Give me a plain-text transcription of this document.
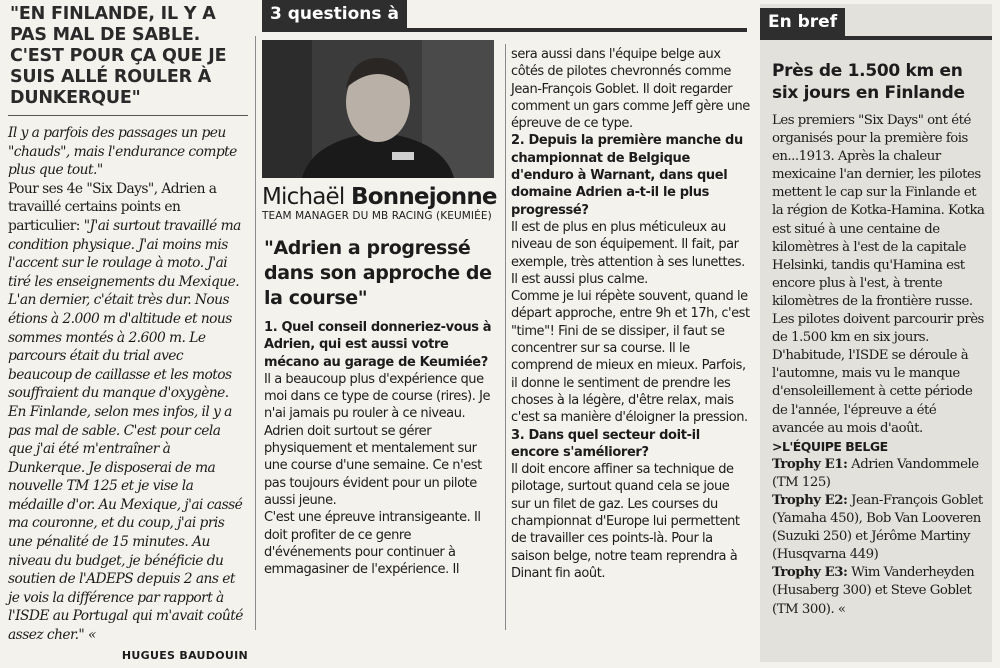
"EN FINLANDE, IL Y A PAS MAL DE SABLE. C'EST POUR ÇA QUE JE SUIS ALLÉ ROULER À DUNKERQUE"

Il y a parfois des passages un peu "chauds", mais l'endurance compte plus que tout."

Pour ses 4e "Six Days", Adrien a travaillé certains points en particulier: "J'ai surtout travaillé ma condition physique. J'ai moins mis l'accent sur le roulage à moto. J'ai tiré les enseignements du Mexique. L'an dernier, c'était très dur. Nous étions à 2.000 m d'altitude et nous sommes montés à 2.600 m. Le parcours était du trial avec beaucoup de caillasse et les motos souffraient du manque d'oxygène. En Finlande, selon mes infos, il y a pas mal de sable. C'est pour cela que j'ai été m'entraîner à Dunkerque. Je disposerai de ma nouvelle TM 125 et je vise la médaille d'or. Au Mexique, j'ai cassé ma couronne, et du coup, j'ai pris une pénalité de 15 minutes. Au niveau du budget, je bénéficie du soutien de l'ADEPS depuis 2 ans et je vois la différence par rapport à l'ISDE au Portugal qui m'avait coûté assez cher." «

HUGUES BAUDOUIN
3 questions à
Michaël Bonnejonne
TEAM MANAGER DU MB RACING (KEUMIÉE)
"Adrien a progressé dans son approche de la course"
1. Quel conseil donneriez-vous à Adrien, qui est aussi votre mécano au garage de Keumiée?
Il a beaucoup plus d'expérience que moi dans ce type de course (rires). Je n'ai jamais pu rouler à ce niveau. Adrien doit surtout se gérer physiquement et mentalement sur une course d'une semaine. Ce n'est pas toujours évident pour un pilote aussi jeune.
C'est une épreuve intransigeante. Il doit profiter de ce genre d'événements pour continuer à emmagasiner de l'expérience. Il
sera aussi dans l'équipe belge aux côtés de pilotes chevronnés comme Jean-François Goblet. Il doit regarder comment un gars comme Jeff gère une épreuve de ce type.
2. Depuis la première manche du championnat de Belgique d'enduro à Warnant, dans quel domaine Adrien a-t-il le plus progressé?
Il est de plus en plus méticuleux au niveau de son équipement. Il fait, par exemple, très attention à ses lunettes. Il est aussi plus calme.
Comme je lui répète souvent, quand le départ approche, entre 9h et 17h, c'est "time"! Fini de se dissiper, il faut se concentrer sur sa course. Il le comprend de mieux en mieux. Parfois, il donne le sentiment de prendre les choses à la légère, d'être relax, mais c'est sa manière d'éloigner la pression.
3. Dans quel secteur doit-il encore s'améliorer?
Il doit encore affiner sa technique de pilotage, surtout quand cela se joue sur un filet de gaz. Les courses du championnat d'Europe lui permettent de travailler ces points-là. Pour la saison belge, notre team reprendra à Dinant fin août.
En bref
Près de 1.500 km en six jours en Finlande

Les premiers "Six Days" ont été organisés pour la première fois en...1913. Après la chaleur mexicaine l'an dernier, les pilotes mettent le cap sur la Finlande et la région de Kotka-Hamina. Kotka est situé à une centaine de kilomètres à l'est de la capitale Helsinki, tandis qu'Hamina est encore plus à l'est, à trente kilomètres de la frontière russe. Les pilotes doivent parcourir près de 1.500 km en six jours. D'habitude, l'ISDE se déroule à l'automne, mais vu le manque d'ensoleillement à cette période de l'année, l'épreuve a été avancée au mois d'août.

>L'ÉQUIPE BELGE

Trophy E1: Adrien Vandommele (TM 125)

Trophy E2: Jean-François Goblet (Yamaha 450), Bob Van Looveren (Suzuki 250) et Jérôme Martiny (Husqvarna 449)

Trophy E3: Wim Vanderheyden (Husaberg 300) et Steve Goblet (TM 300). «
